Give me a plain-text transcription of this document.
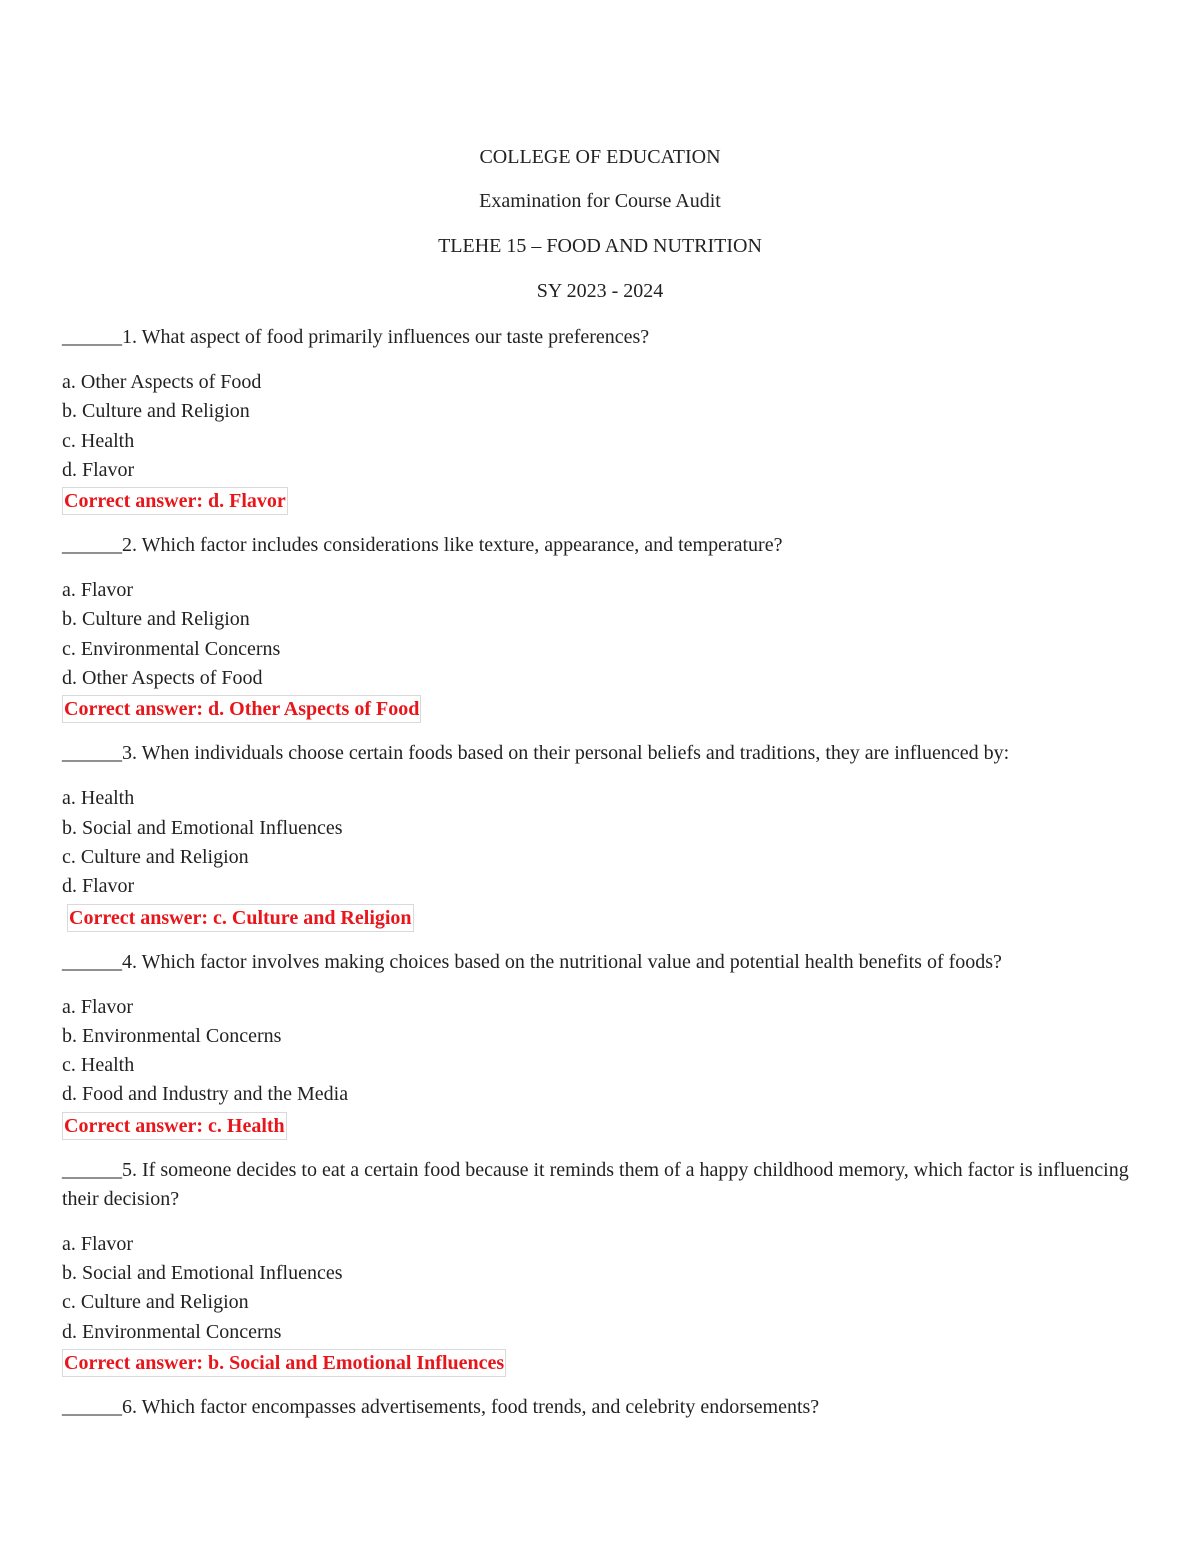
COLLEGE OF EDUCATION
Examination for Course Audit
TLEHE 15 – FOOD AND NUTRITION
SY 2023 - 2024

______1. What aspect of food primarily influences our taste preferences?

a. Other Aspects of Food
b. Culture and Religion
c. Health
d. Flavor
Correct answer: d. Flavor

______2. Which factor includes considerations like texture, appearance, and temperature?

a. Flavor
b. Culture and Religion
c. Environmental Concerns
d. Other Aspects of Food
Correct answer: d. Other Aspects of Food

______3. When individuals choose certain foods based on their personal beliefs and traditions, they are influenced by:

a. Health
b. Social and Emotional Influences
c. Culture and Religion
d. Flavor
Correct answer: c. Culture and Religion

______4. Which factor involves making choices based on the nutritional value and potential health benefits of foods?

a. Flavor
b. Environmental Concerns
c. Health
d. Food and Industry and the Media
Correct answer: c. Health

______5. If someone decides to eat a certain food because it reminds them of a happy childhood memory, which factor is influencing their decision?

a. Flavor
b. Social and Emotional Influences
c. Culture and Religion
d. Environmental Concerns
Correct answer: b. Social and Emotional Influences

______6. Which factor encompasses advertisements, food trends, and celebrity endorsements?
